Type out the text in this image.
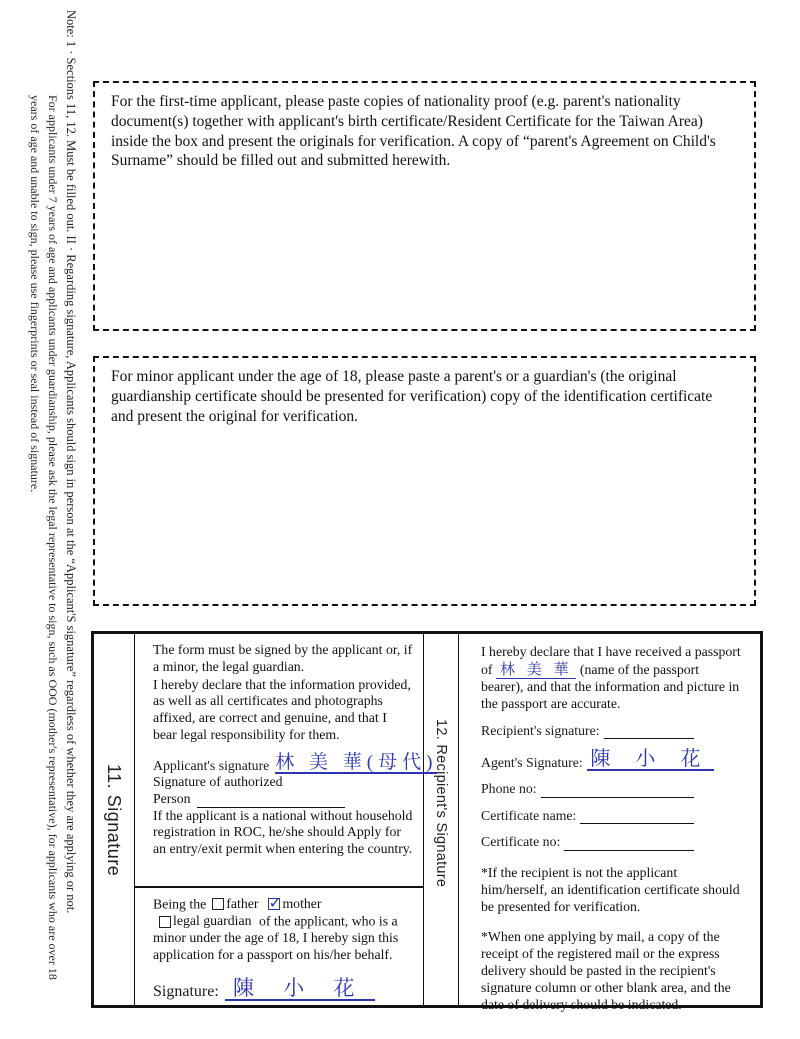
Note: 1 · Sections 11, 12. Must be filled out. II · Regarding signature, Applicants should sign in person at the “Applicant'S signature” regardless of whether they are applying or not.
For applicants under 7 years of age and applicants under guardianship, please ask the legal representative to sign, such as OOO (mother's representative), for applicants who are over 18
years of age and unable to sign, please use fingerprints or seal instead of signature.	For the first-time applicant, please paste copies of nationality proof (e.g. parent's nationality document(s) together with applicant's birth certificate/Resident Certificate for the Taiwan Area) inside the box and present the originals for verification. A copy of “parent's Agreement on Child's Surname” should be filled out and submitted herewith.

For minor applicant under the age of 18, please paste a parent's or a guardian's (the original guardianship certificate should be presented for verification) copy of the identification certificate and present the original for verification.

11. Signature

The form must be signed by the applicant or, if a minor, the legal guardian.

I hereby declare that the information provided, as well as all certificates and photographs affixed, are correct and genuine, and that I bear legal responsibility for them.

Applicant's signature 林 美 華(母代)

Signature of authorized
Person

If the applicant is a national without household registration in ROC, he/she should Apply for an entry/exit permit when entering the country.

Being the father ✓ mother
legal guardian of the applicant, who is a minor under the age of 18, I hereby sign this application for a passport on his/her behalf.

Signature: 陳 小 花
12. Recipient's Signature

I hereby declare that I have received a passport of 林 美 華 (name of the passport bearer), and that the information and picture in the passport are accurate.

Recipient's signature:
Agent's Signature: 陳 小 花
Phone no:
Certificate name:
Certificate no:

*If the recipient is not the applicant him/herself, an identification certificate should be presented for verification.

*When one applying by mail, a copy of the receipt of the registered mail or the express delivery should be pasted in the recipient's signature column or other blank area, and the date of delivery should be indicated.
